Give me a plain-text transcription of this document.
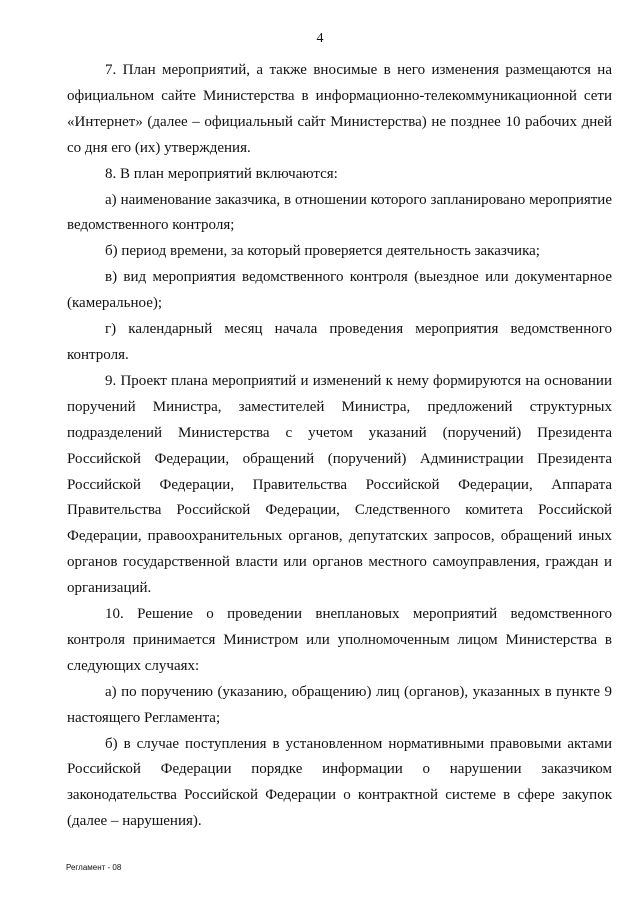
4

7. План мероприятий, а также вносимые в него изменения размещаются на официальном сайте Министерства в информационно-телекоммуникационной сети «Интернет» (далее – официальный сайт Министерства) не позднее 10 рабочих дней со дня его (их) утверждения.

8. В план мероприятий включаются:

а) наименование заказчика, в отношении которого запланировано мероприятие ведомственного контроля;

б) период времени, за который проверяется деятельность заказчика;

в) вид мероприятия ведомственного контроля (выездное или документарное (камеральное);

г) календарный месяц начала проведения мероприятия ведомственного контроля.

9. Проект плана мероприятий и изменений к нему формируются на основании поручений Министра, заместителей Министра, предложений структурных подразделений Министерства с учетом указаний (поручений) Президента Российской Федерации, обращений (поручений) Администрации Президента Российской Федерации, Правительства Российской Федерации, Аппарата Правительства Российской Федерации, Следственного комитета Российской Федерации, правоохранительных органов, депутатских запросов, обращений иных органов государственной власти или органов местного самоуправления, граждан и организаций.

10. Решение о проведении внеплановых мероприятий ведомственного контроля принимается Министром или уполномоченным лицом Министерства в следующих случаях:

а) по поручению (указанию, обращению) лиц (органов), указанных в пункте 9 настоящего Регламента;

б) в случае поступления в установленном нормативными правовыми актами Российской Федерации порядке информации о нарушении заказчиком законодательства Российской Федерации о контрактной системе в сфере закупок (далее – нарушения).

Регламент - 08
